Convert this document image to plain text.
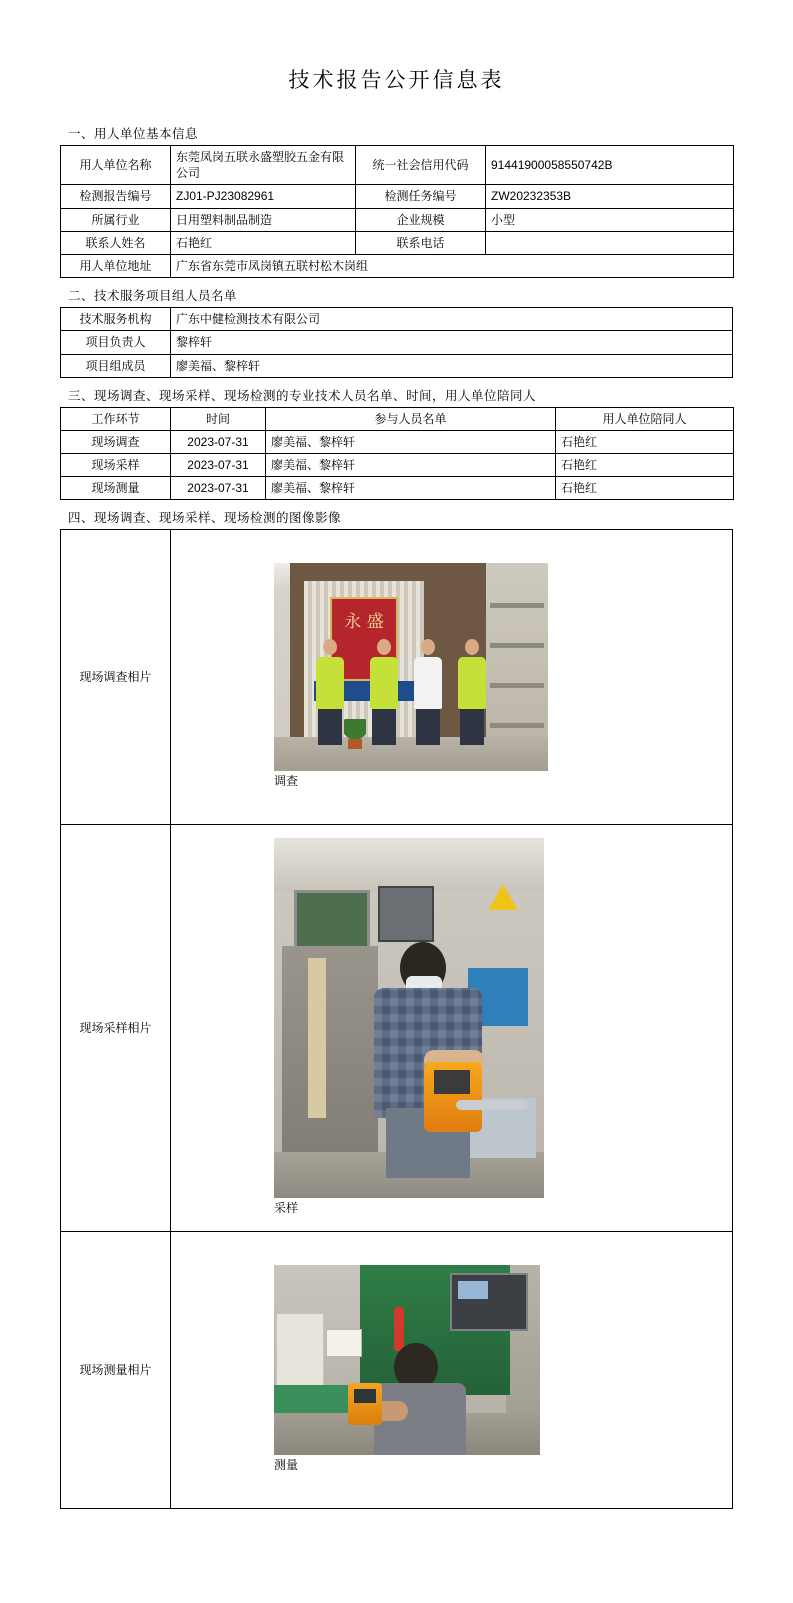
技术报告公开信息表
一、用人单位基本信息
用人单位名称	东莞凤岗五联永盛塑胶五金有限公司	统一社会信用代码	91441900058550742B
检测报告编号	ZJ01-PJ23082961	检测任务编号	ZW20232353B
所属行业	日用塑料制品制造	企业规模	小型
联系人姓名	石艳红	联系电话	
用人单位地址	广东省东莞市凤岗镇五联村松木岗组		
二、技术服务项目组人员名单
技术服务机构	广东中健检测技术有限公司
项目负责人	黎梓轩
项目组成员	廖美福、黎梓轩
三、现场调查、现场采样、现场检测的专业技术人员名单、时间，用人单位陪同人
工作环节	时间	参与人员名单	用人单位陪同人
现场调查	2023-07-31	廖美福、黎梓轩	石艳红
现场采样	2023-07-31	廖美福、黎梓轩	石艳红
现场测量	2023-07-31	廖美福、黎梓轩	石艳红
四、现场调查、现场采样、现场检测的图像影像
现场调查相片	
永 盛
调查

现场采样相片	采样

现场测量相片	测量
